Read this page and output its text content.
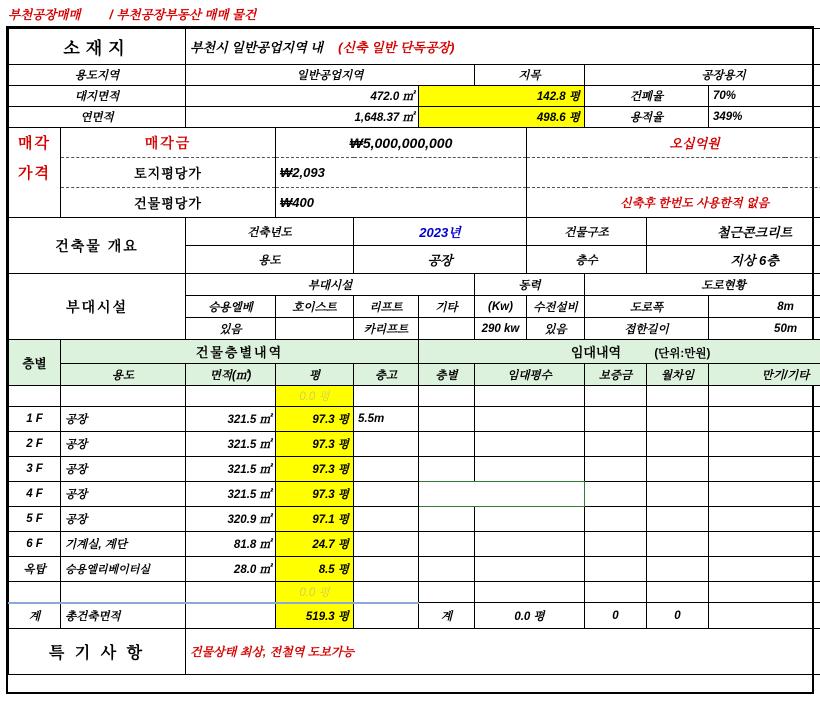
부천공장매매 / 부천공장부동산 매매 물건
소재지		부천시 일반공업지역 내 (신축 일반 단독공장)								
용도지역		일반공업지역				지목		공장용지		
대지면적		472.0 ㎡			142.8 평			건폐율		70%
연면적		1,648.37 ㎡			498.6 평			용적율		349%
매각	매각금		₩5,000,000,000				오십억원			
가격	토지평당가		₩2,093							
	건물평당가		₩400				신축후 한번도 사용한적 없음			
건축물 개요		건축년도		2023년			건물구조		철근콘크리트	
		용도		공장			층수		지상 6층	
부대시설		부대시설				동력		도로현황		
		승용엘베	호이스트	리프트	기타	(Kw)	수전설비	도로폭		8m
		있음		카리프트		290 kw	있음	접한길이		50m
층별	건물층별내역				임대내역 (단위:만원)					
	용도	면적(㎡)	평	층고	층별	임대평수		보증금	월차임	만기/기타
			0.0 평							
1 F	공장	321.5 ㎡	97.3 평	5.5m						
2 F	공장	321.5 ㎡	97.3 평							
3 F	공장	321.5 ㎡	97.3 평							
4 F	공장	321.5 ㎡	97.3 평							
5 F	공장	320.9 ㎡	97.1 평							
6 F	기계실, 계단	81.8 ㎡	24.7 평							
옥탑	승용엘리베이터실	28.0 ㎡	8.5 평							
			0.0 평							
계	총건축면적		519.3 평		계	0.0 평		0	0	
특 기 사 항		건물상태 최상, 전철역 도보가능								
